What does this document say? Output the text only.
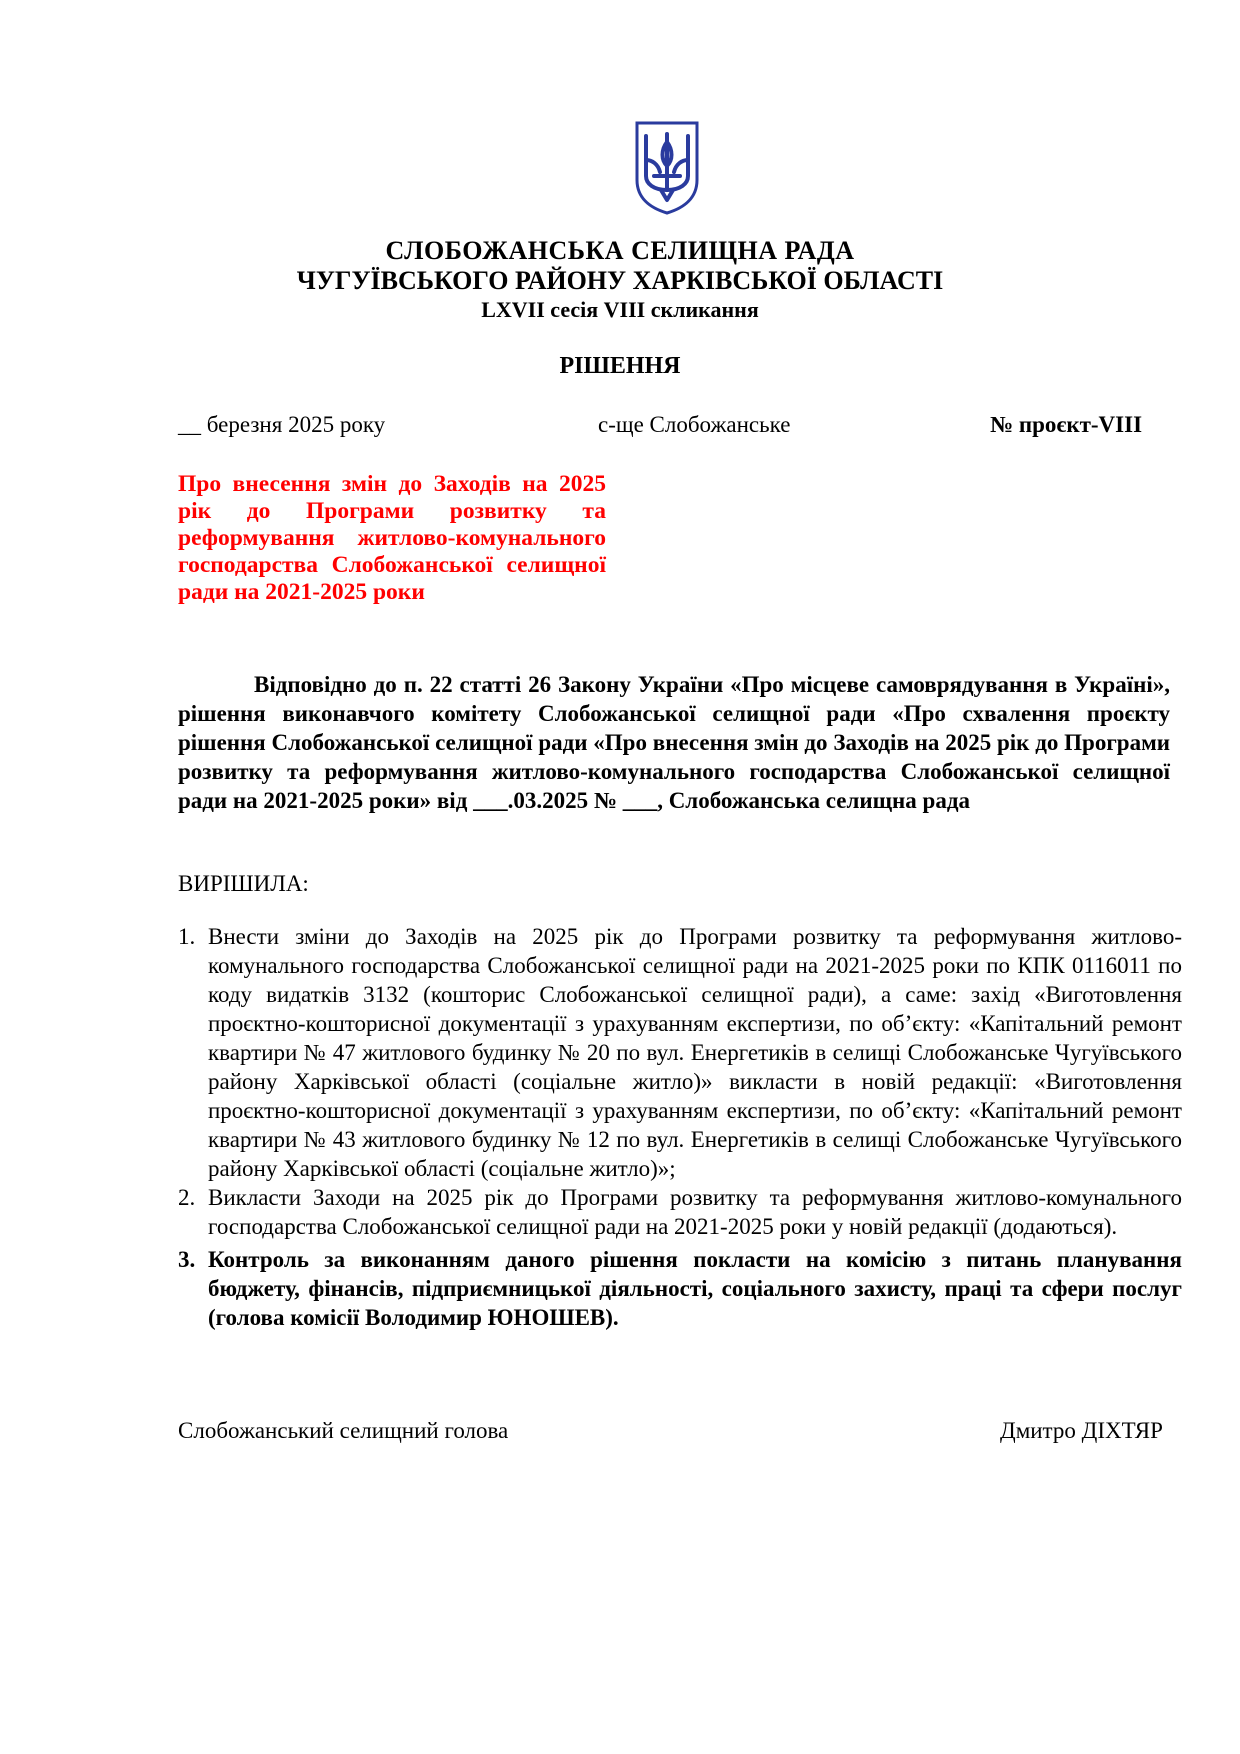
СЛОБОЖАНСЬКА СЕЛИЩНА РАДА
ЧУГУЇВСЬКОГО РАЙОНУ ХАРКІВСЬКОЇ ОБЛАСТІ
LXVII сесія VIII скликання
РІШЕННЯ
__ березня 2025 року	с-ще Слобожанське	№ проєкт-VIII
Про внесення змін до Заходів на 2025 рік до Програми розвитку та реформування житлово-комунального господарства Слобожанської селищної ради на 2021-2025 роки
Відповідно до п. 22 статті 26 Закону України «Про місцеве самоврядування в Україні», рішення виконавчого комітету Слобожанської селищної ради «Про схвалення проєкту рішення Слобожанської селищної ради «Про внесення змін до Заходів на 2025 рік до Програми розвитку та реформування житлово-комунального господарства Слобожанської селищної ради на 2021-2025 роки» від ___.03.2025 № ___, Слобожанська селищна рада
ВИРІШИЛА:
1. Внести зміни до Заходів на 2025 рік до Програми розвитку та реформування житлово-комунального господарства Слобожанської селищної ради на 2021-2025 роки по КПК 0116011 по коду видатків 3132 (кошторис Слобожанської селищної ради), а саме: захід «Виготовлення проєктно-кошторисної документації з урахуванням експертизи, по об’єкту: «Капітальний ремонт квартири № 47 житлового будинку № 20 по вул. Енергетиків в селищі Слобожанське Чугуївського району Харківської області (соціальне житло)» викласти в новій редакції: «Виготовлення проєктно-кошторисної документації з урахуванням експертизи, по об’єкту: «Капітальний ремонт квартири № 43 житлового будинку № 12 по вул. Енергетиків в селищі Слобожанське Чугуївського району Харківської області (соціальне житло)»;
2. Викласти Заходи на 2025 рік до Програми розвитку та реформування житлово-комунального господарства Слобожанської селищної ради на 2021-2025 роки у новій редакції (додаються).
3. Контроль за виконанням даного рішення покласти на комісію з питань планування бюджету, фінансів, підприємницької діяльності, соціального захисту, праці та сфери послуг (голова комісії Володимир ЮНОШЕВ).
Слобожанський селищний голова	Дмитро ДІХТЯР
